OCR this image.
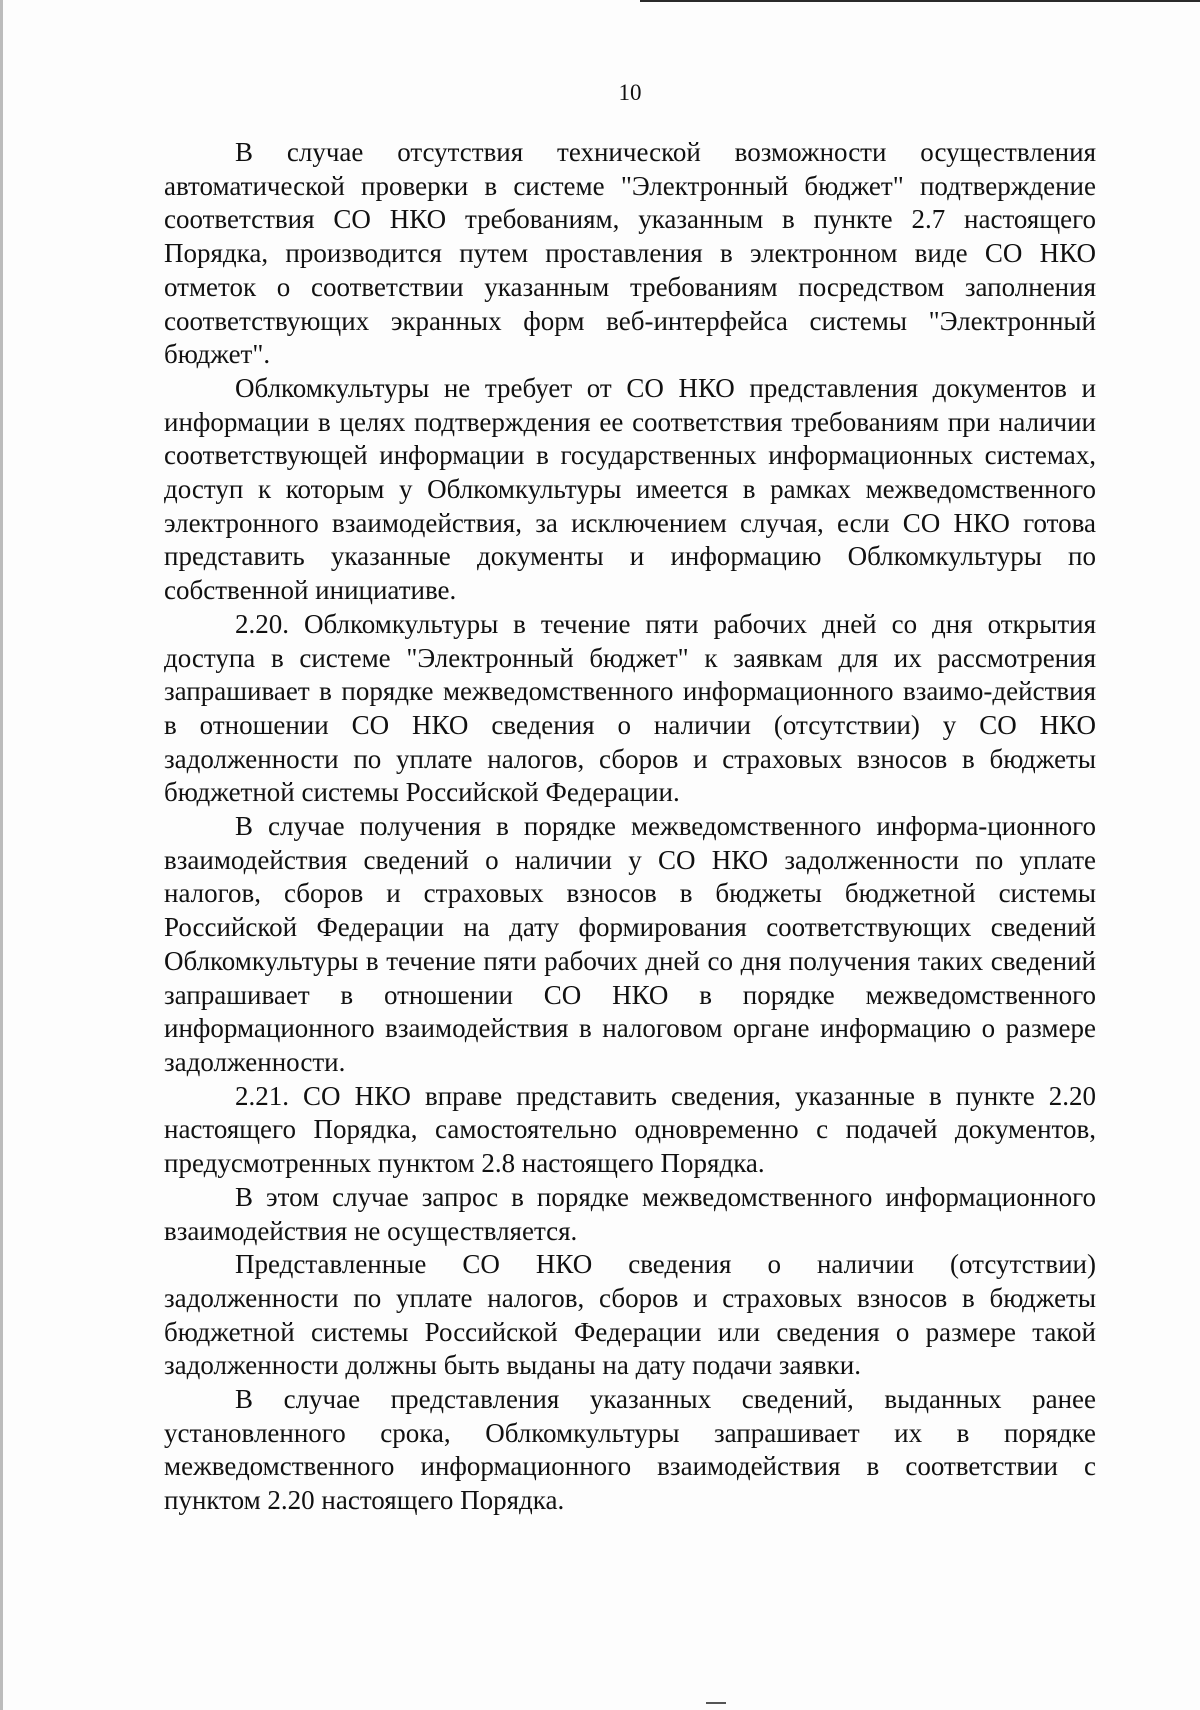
10

В случае отсутствия технической возможности осуществления автоматической проверки в системе "Электронный бюджет" подтверждение соответствия СО НКО требованиям, указанным в пункте 2.7 настоящего Порядка, производится путем проставления в электронном виде СО НКО отметок о соответствии указанным требованиям посредством заполнения соответствующих экранных форм веб-интерфейса системы "Электронный бюджет".

Облкомкультуры не требует от СО НКО представления документов и информации в целях подтверждения ее соответствия требованиям при наличии соответствующей информации в государственных информационных системах, доступ к которым у Облкомкультуры имеется в рамках межведомственного электронного взаимодействия, за исключением случая, если СО НКО готова представить указанные документы и информацию Облкомкультуры по собственной инициативе.

2.20. Облкомкультуры в течение пяти рабочих дней со дня открытия доступа в системе "Электронный бюджет" к заявкам для их рассмотрения запрашивает в порядке межведомственного информационного взаимо-действия в отношении СО НКО сведения о наличии (отсутствии) у СО НКО задолженности по уплате налогов, сборов и страховых взносов в бюджеты бюджетной системы Российской Федерации.

В случае получения в порядке межведомственного информа-ционного взаимодействия сведений о наличии у СО НКО задолженности по уплате налогов, сборов и страховых взносов в бюджеты бюджетной системы Российской Федерации на дату формирования соответствующих сведений Облкомкультуры в течение пяти рабочих дней со дня получения таких сведений запрашивает в отношении СО НКО в порядке межведомственного информационного взаимодействия в налоговом органе информацию о размере задолженности.

2.21. СО НКО вправе представить сведения, указанные в пункте 2.20 настоящего Порядка, самостоятельно одновременно с подачей документов, предусмотренных пунктом 2.8 настоящего Порядка.

В этом случае запрос в порядке межведомственного информационного взаимодействия не осуществляется.

Представленные СО НКО сведения о наличии (отсутствии) задолженности по уплате налогов, сборов и страховых взносов в бюджеты бюджетной системы Российской Федерации или сведения о размере такой задолженности должны быть выданы на дату подачи заявки.

В случае представления указанных сведений, выданных ранее установленного срока, Облкомкультуры запрашивает их в порядке межведомственного информационного взаимодействия в соответствии с пунктом 2.20 настоящего Порядка.
